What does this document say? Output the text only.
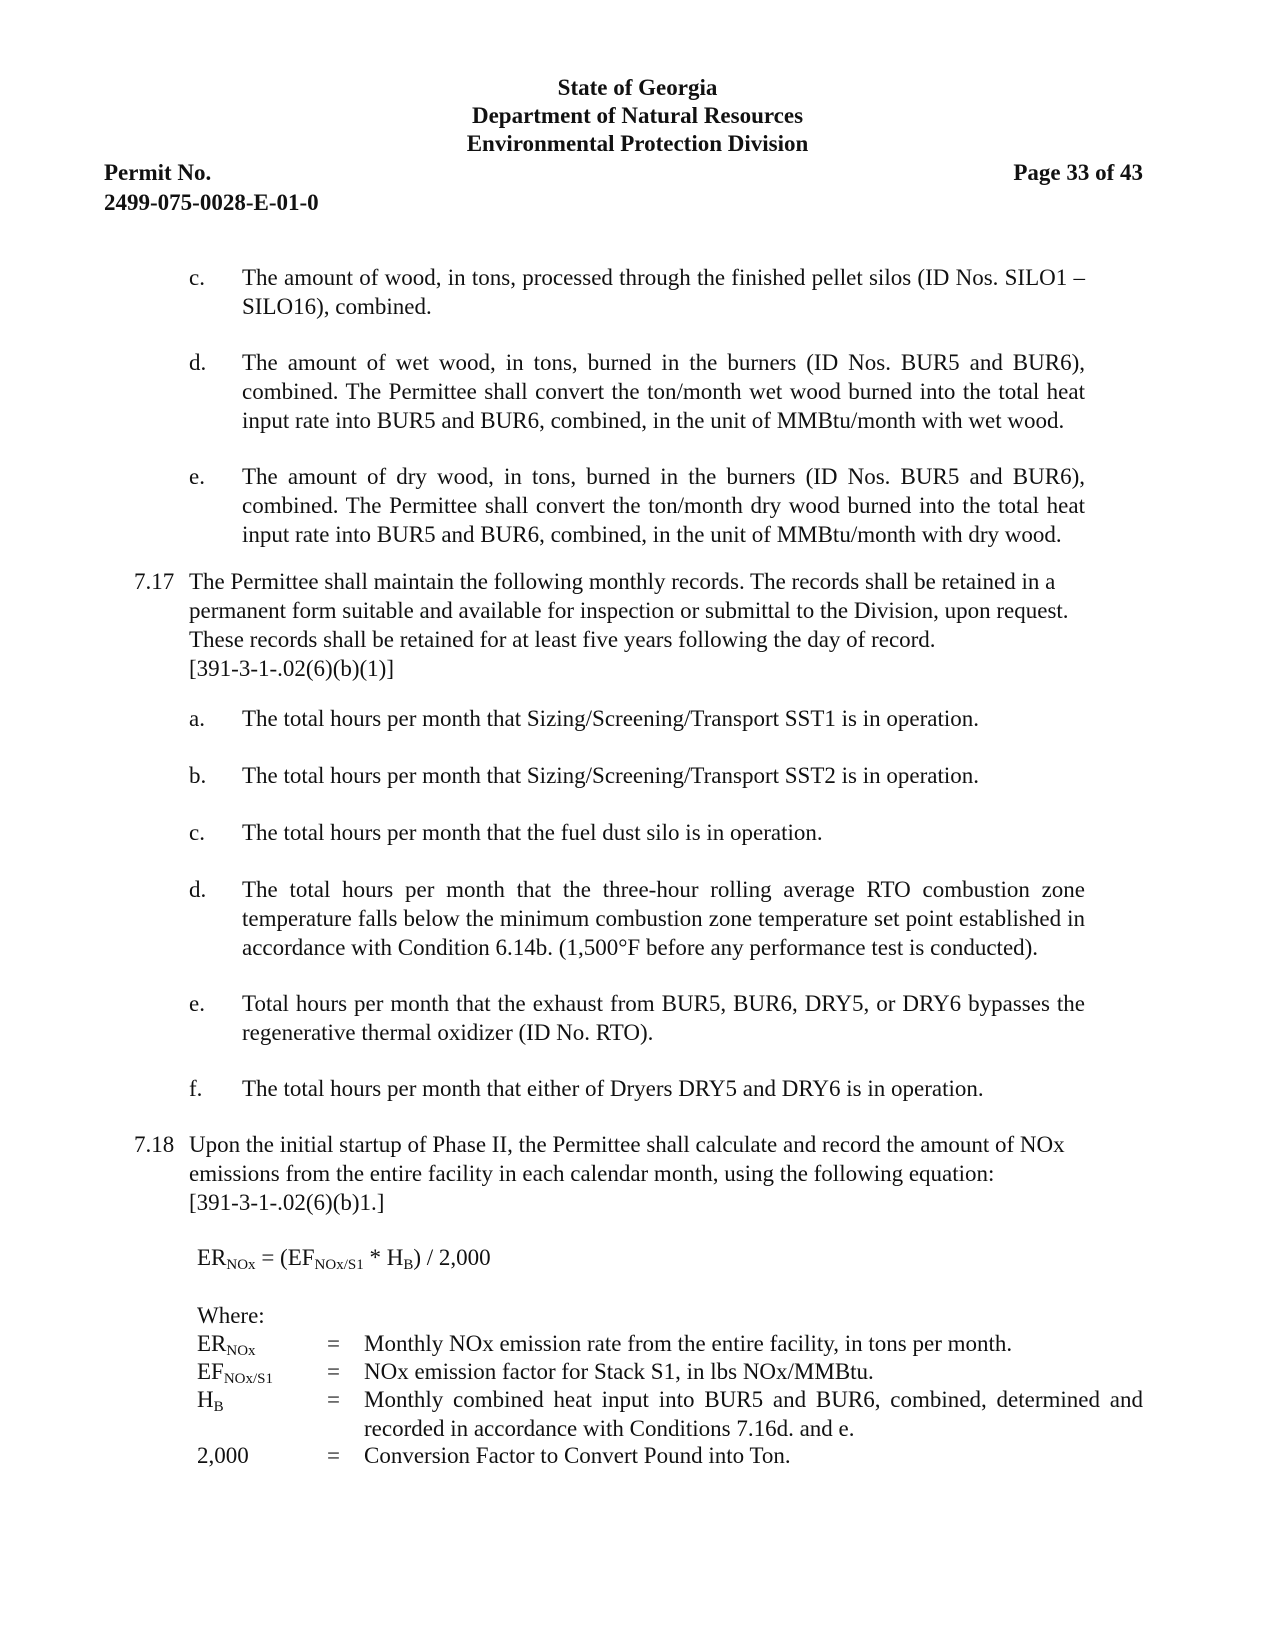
State of Georgia
Department of Natural Resources
Environmental Protection Division
Permit No.
2499-075-0028-E-01-0
Page 33 of 43
c. The amount of wood, in tons, processed through the finished pellet silos (ID Nos. SILO1 – SILO16), combined.
d. The amount of wet wood, in tons, burned in the burners (ID Nos. BUR5 and BUR6), combined. The Permittee shall convert the ton/month wet wood burned into the total heat input rate into BUR5 and BUR6, combined, in the unit of MMBtu/month with wet wood.
e. The amount of dry wood, in tons, burned in the burners (ID Nos. BUR5 and BUR6), combined. The Permittee shall convert the ton/month dry wood burned into the total heat input rate into BUR5 and BUR6, combined, in the unit of MMBtu/month with dry wood.
7.17 The Permittee shall maintain the following monthly records. The records shall be retained in a
permanent form suitable and available for inspection or submittal to the Division, upon request.
These records shall be retained for at least five years following the day of record.
[391-3-1-.02(6)(b)(1)]
a. The total hours per month that Sizing/Screening/Transport SST1 is in operation.
b. The total hours per month that Sizing/Screening/Transport SST2 is in operation.
c. The total hours per month that the fuel dust silo is in operation.
d. The total hours per month that the three-hour rolling average RTO combustion zone temperature falls below the minimum combustion zone temperature set point established in accordance with Condition 6.14b. (1,500°F before any performance test is conducted).
e. Total hours per month that the exhaust from BUR5, BUR6, DRY5, or DRY6 bypasses the regenerative thermal oxidizer (ID No. RTO).
f. The total hours per month that either of Dryers DRY5 and DRY6 is in operation.
7.18 Upon the initial startup of Phase II, the Permittee shall calculate and record the amount of NOx
emissions from the entire facility in each calendar month, using the following equation:
[391-3-1-.02(6)(b)1.]
$ER_{NOx} = (EF_{NOx/S1} * H_B) / 2,000$
Where:
$ER_{NOx}$	= Monthly NOx emission rate from the entire facility, in tons per month.
$EF_{NOx/S1}$ = NOx emission factor for Stack S1, in lbs NOx/MMBtu.
$H_B$	= Monthly combined heat input into BUR5 and BUR6, combined, determined and recorded in accordance with Conditions 7.16d. and e.
2,000	= Conversion Factor to Convert Pound into Ton.
